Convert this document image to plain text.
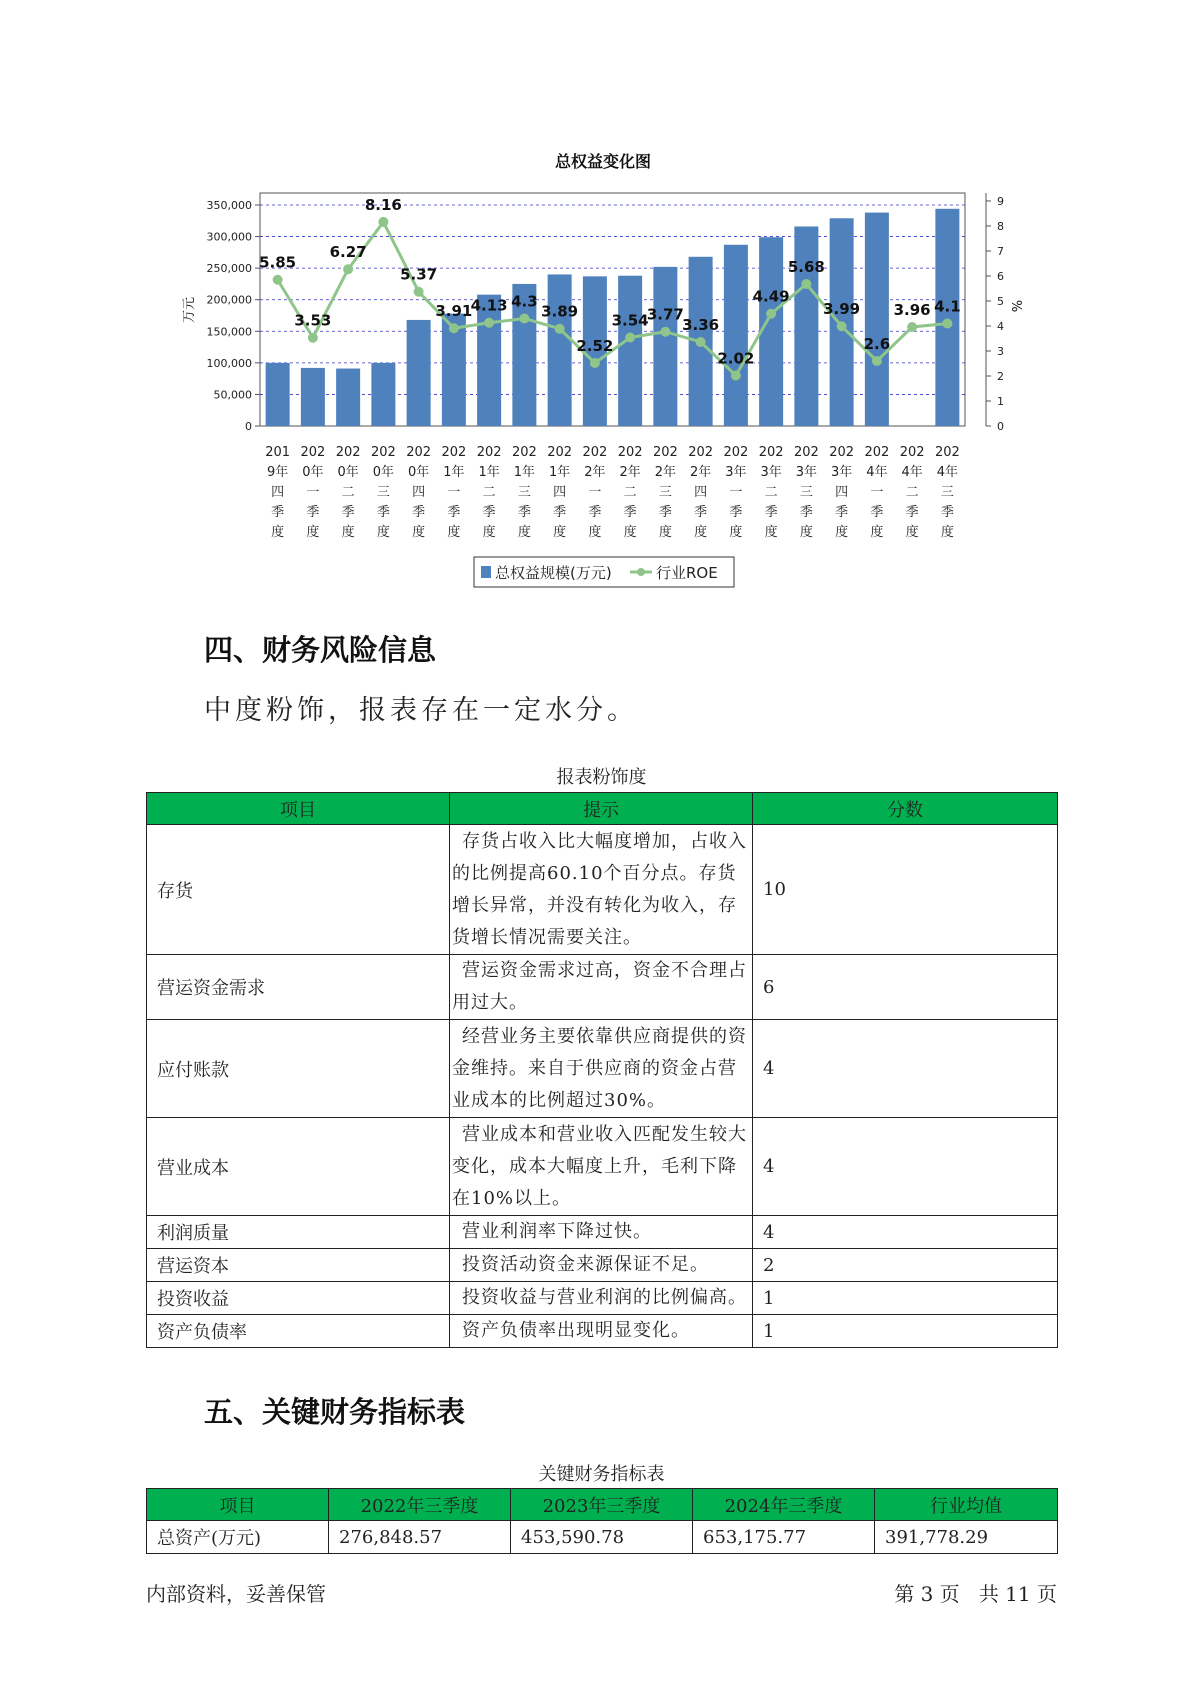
总权益变化图
万元	%
0
50,000
100,000
150,000
200,000
250,000
300,000
350,000
0
1
2
3
4
5
6
7
8
9
5.85
3.53
6.27
8.16
5.37
3.91
4.13 4.3
3.89
2.52
3.54
3.77
3.36
2.02
4.49
5.68
3.99
2.6
3.96 4.1
201
9年
四
季
度
202
0年
一
季
度
202
0年
二
季
度
202
0年
三
季
度
202
0年
四
季
度
202
1年
一
季
度
202
1年
二
季
度
202
1年
三
季
度
202
1年
四
季
度
202
2年
一
季
度
202
2年
二
季
度
202
2年
三
季
度
202
2年
四
季
度
202
3年
一
季
度
202
3年
二
季
度
202
3年
三
季
度
202
3年
四
季
度
202
4年
一
季
度
202
4年
二
季
度
202
4年
三
季
度
总权益规模(万元)	行业ROE
四、财务风险信息
中度粉饰，报表存在一定水分。
报表粉饰度
项目	提示	分数
存货	存货占收入比大幅度增加，占收入的比例提高60.10个百分点。存货增长异常，并没有转化为收入，存货增长情况需要关注。	10
营运资金需求	营运资金需求过高，资金不合理占用过大。	6
应付账款	经营业务主要依靠供应商提供的资金维持。来自于供应商的资金占营业成本的比例超过30%。	4
营业成本	营业成本和营业收入匹配发生较大变化，成本大幅度上升，毛利下降在10%以上。	4
利润质量	营业利润率下降过快。	4
营运资本	投资活动资金来源保证不足。	2
投资收益	投资收益与营业利润的比例偏高。	1
资产负债率	资产负债率出现明显变化。	1
五、关键财务指标表
关键财务指标表
项目	2022年三季度	2023年三季度	2024年三季度	行业均值
总资产(万元)	276,848.57	453,590.78	653,175.77	391,778.29
内部资料，妥善保管	第 3 页   共 11 页
